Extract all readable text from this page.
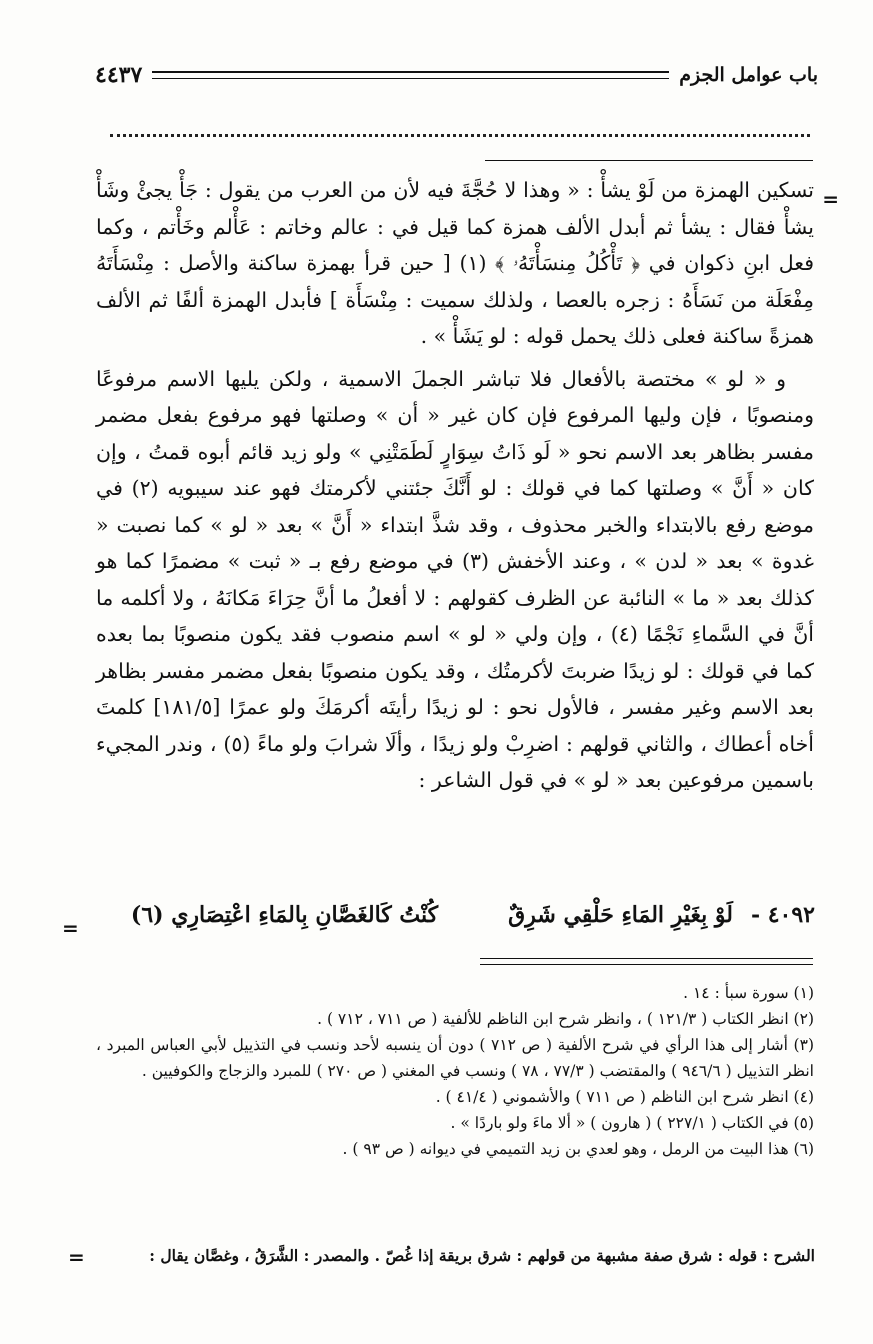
باب عوامل الجزم
٤٤٣٧
=

تسكين الهمزة من لَوْ يشأْ : « وهذا لا حُجَّةَ فيه لأن من العرب من يقول : جَأْ يجئْ وشَأْ يشأْ فقال : يشأ ثم أبدل الألف همزة كما قيل في : عالم وخاتم : عَأْلم وخَأْتم ، وكما فعل ابنِ ذكوان في ﴿ تَأْكُلُ مِنسَأْتَهُۥ ﴾ (١) [ حين قرأ بهمزة ساكنة والأصل : مِنْسَأَتَهُ مِفْعَلَة من نَسَأَهُ : زجره بالعصا ، ولذلك سميت : مِنْسَأَة ] فأبدل الهمزة ألفًا ثم الألف همزةً ساكنة فعلى ذلك يحمل قوله : لو يَشَأْ » .

و « لو » مختصة بالأفعال فلا تباشر الجملَ الاسمية ، ولكن يليها الاسم مرفوعًا ومنصوبًا ، فإن وليها المرفوع فإن كان غير « أن » وصلتها فهو مرفوع بفعل مضمر مفسر بظاهر بعد الاسم نحو « لَو ذَاتُ سِوَارٍ لَطَمَتْنِي » ولو زيد قائم أبوه قمتُ ، وإن كان « أَنَّ » وصلتها كما في قولك : لو أَنَّكَ جئتني لأكرمتك فهو عند سيبويه (٢) في موضع رفع بالابتداء والخبر محذوف ، وقد شذَّ ابتداء « أَنَّ » بعد « لو » كما نصبت « غدوة » بعد « لدن » ، وعند الأخفش (٣) في موضع رفع بـ « ثبت » مضمرًا كما هو كذلك بعد « ما » النائبة عن الظرف كقولهم : لا أفعلُ ما أنَّ حِرَاءَ مَكانَهُ ، ولا أكلمه ما أنَّ في السَّماءِ نَجْمًا (٤) ، وإن ولي « لو » اسم منصوب فقد يكون منصوبًا بما بعده كما في قولك : لو زيدًا ضربتَ لأكرمتُك ، وقد يكون منصوبًا بفعل مضمر مفسر بظاهر بعد الاسم وغير مفسر ، فالأول نحو : لو زيدًا رأيتَه أكرمَكَ ولو عمرًا [١٨١/٥] كلمتَ أخاه أعطاك ، والثاني قولهم : اضرِبْ ولو زيدًا ، وألَا شرابَ ولو ماءً (٥) ، وندر المجيء باسمين مرفوعين بعد « لو » في قول الشاعر :

٤٠٩٢ -
لَوْ بِغَيْرِ المَاءِ حَلْقِي شَرِقٌ
كُنْتُ كَالغَصَّانِ بِالمَاءِ اعْتِصَارِي (٦)
=

(١) سورة سبأ : ١٤ .

(٢) انظر الكتاب ( ١٢١/٣ ) ، وانظر شرح ابن الناظم للألفية ( ص ٧١١ ، ٧١٢ ) .

(٣) أشار إلى هذا الرأي في شرح الألفية ( ص ٧١٢ ) دون أن ينسبه لأحد ونسب في التذييل لأبي العباس المبرد ، انظر التذييل ( ٩٤٦/٦ ) والمقتضب ( ٧٧/٣ ، ٧٨ ) ونسب في المغني ( ص ٢٧٠ ) للمبرد والزجاج والكوفيين .

(٤) انظر شرح ابن الناظم ( ص ٧١١ ) والأشموني ( ٤١/٤ ) .

(٥) في الكتاب ( ٢٢٧/١ ) ( هارون ) « ألا ماءَ ولو باردًا » .

(٦) هذا البيت من الرمل ، وهو لعدي بن زيد التميمي في ديوانه ( ص ٩٣ ) .

الشرح : قوله : شرق صفة مشبهة من قولهم : شرق بريقة إذا غُصّ . والمصدر : الشَّرَقُ ، وغصَّان يقال :
=
